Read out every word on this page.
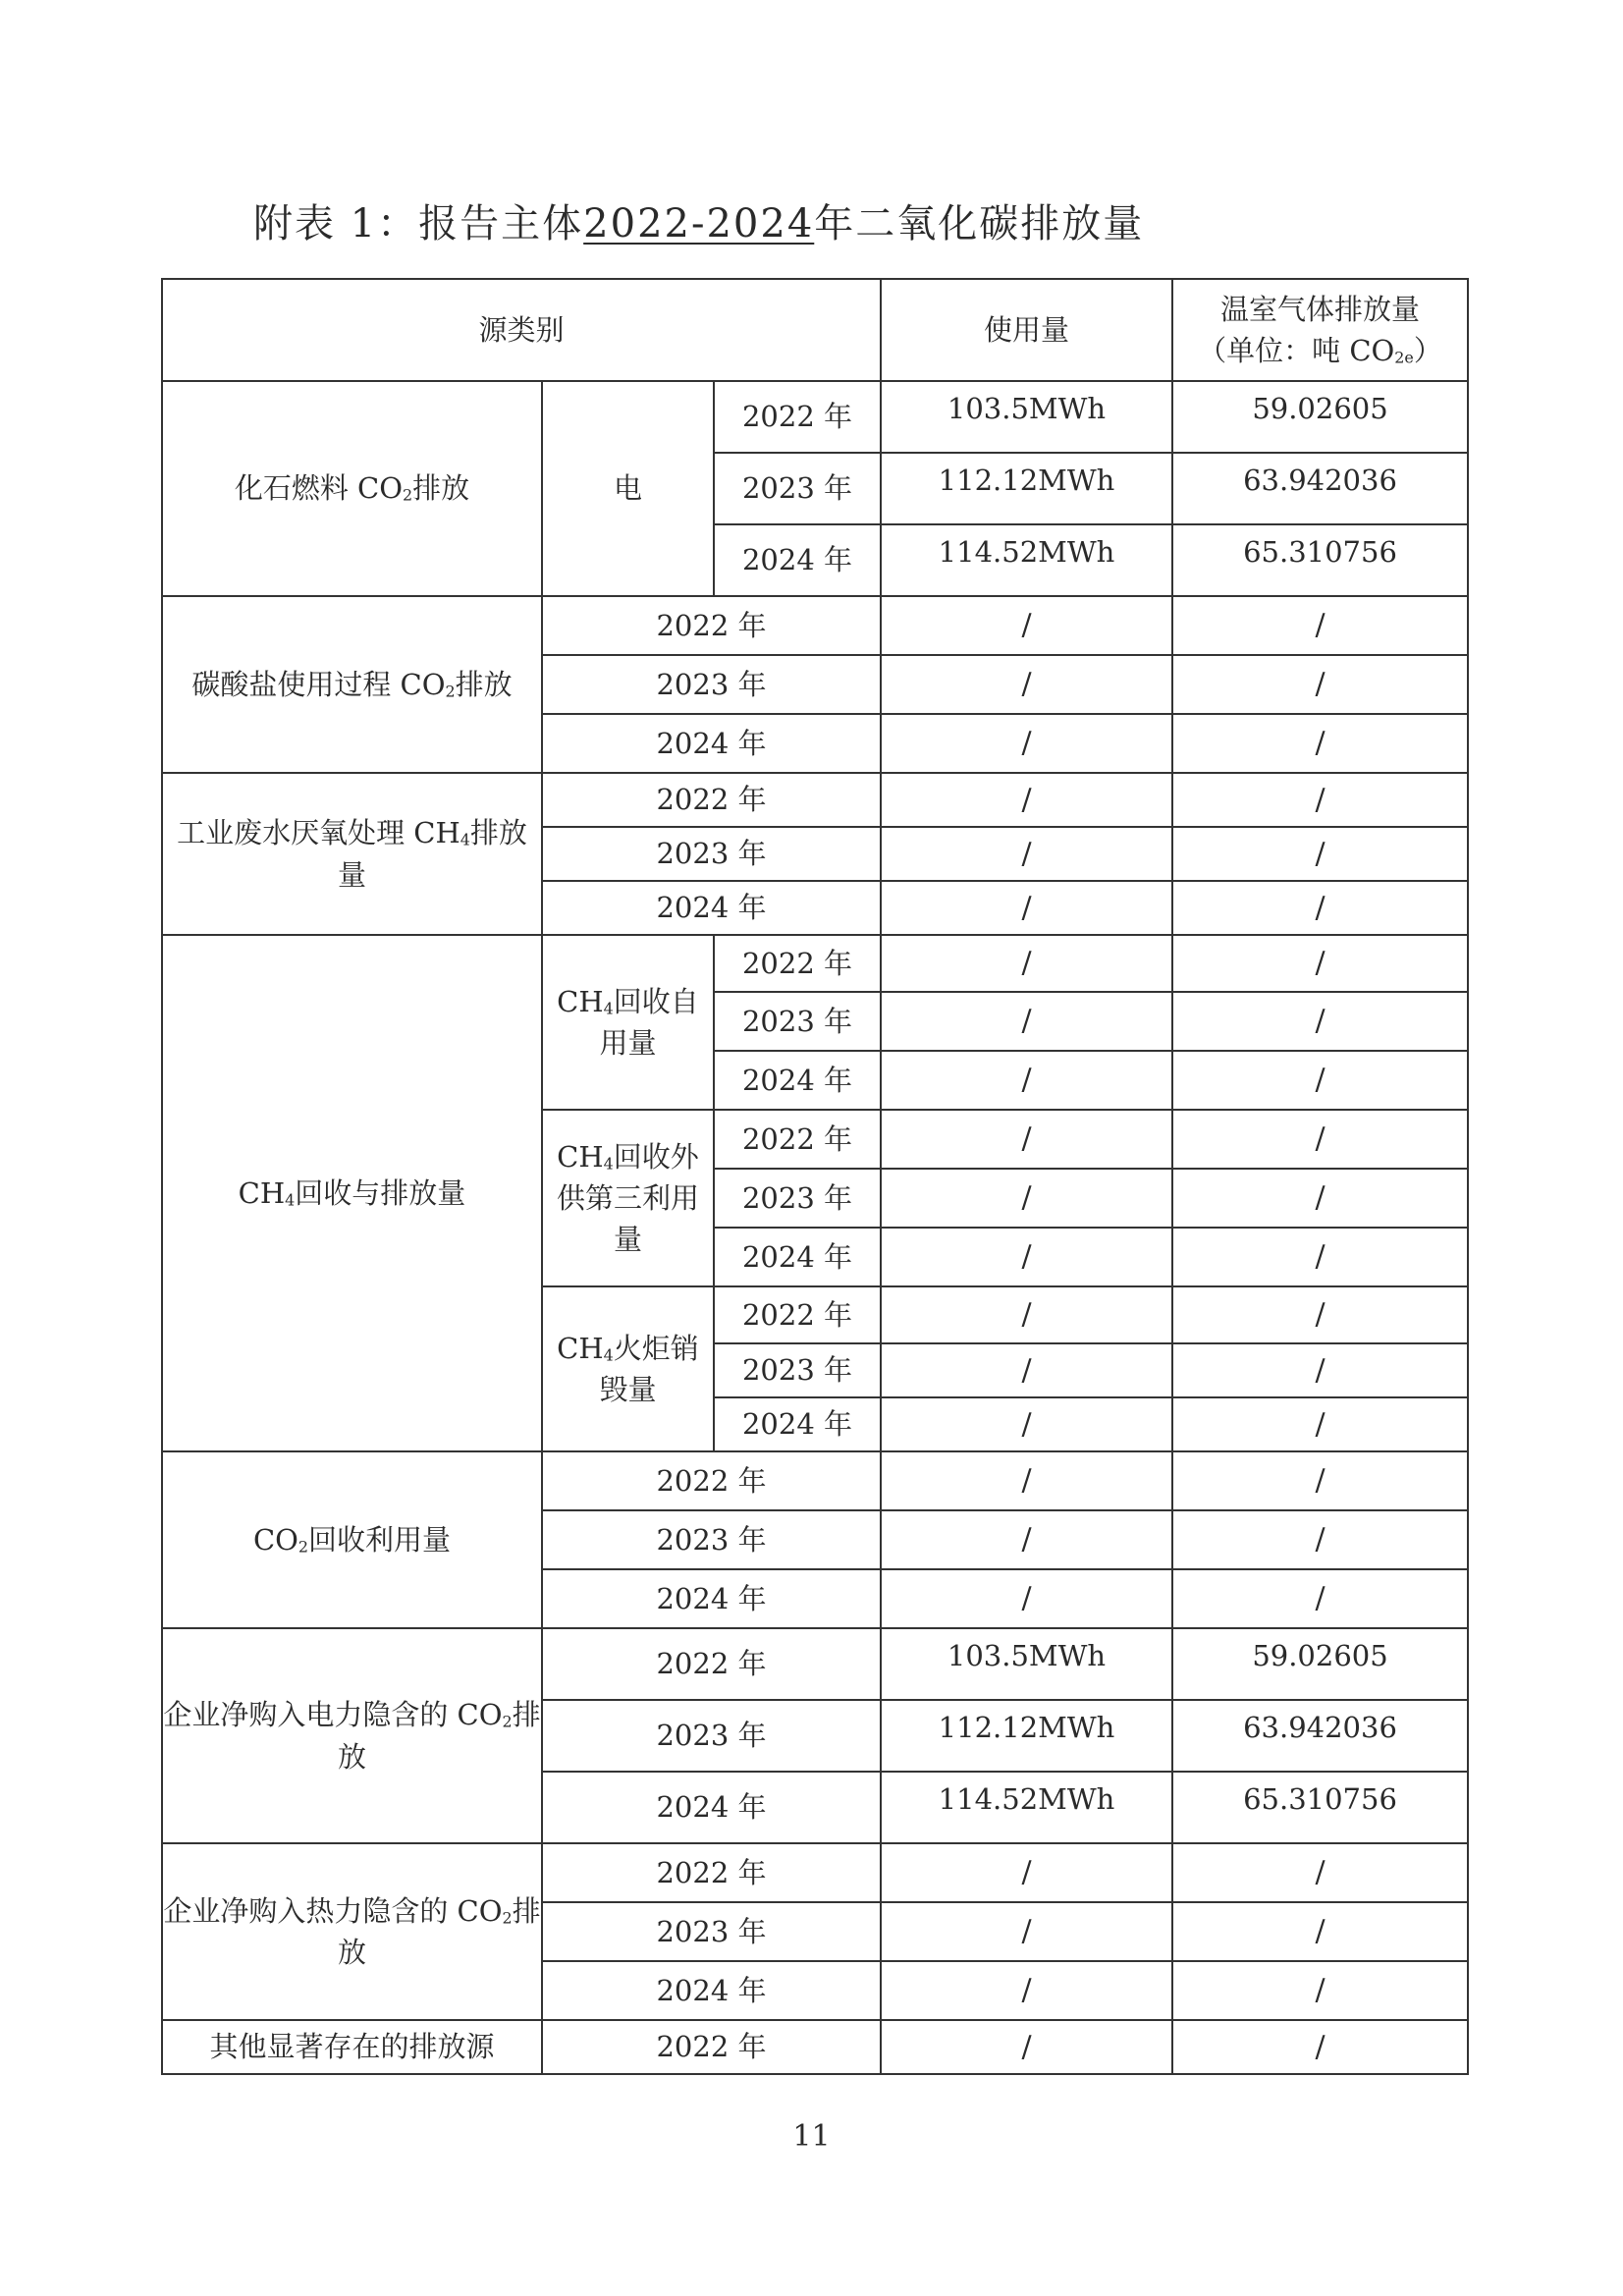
附表 1：报告主体2022-2024年二氧化碳排放量
源类别			使用量	温室气体排放量
（单位：吨 $CO_{2e}$）
化石燃料 $CO_2$排放	电	2022 年	103.5MWh	59.02605
		2023 年	112.12MWh	63.942036
		2024 年	114.52MWh	65.310756
碳酸盐使用过程 $CO_2$排放	2022 年		/	/
	2023 年		/	/
	2024 年		/	/
工业废水厌氧处理 $CH_4$排放量	2022 年		/	/
	2023 年		/	/
	2024 年		/	/
$CH_4$回收与排放量	$CH_4$回收自用量	2022 年	/	/
		2023 年	/	/
		2024 年	/	/
	$CH_4$回收外供第三利用量	2022 年	/	/
		2023 年	/	/
		2024 年	/	/
	$CH_4$火炬销毁量	2022 年	/	/
		2023 年	/	/
		2024 年	/	/
$CO_2$回收利用量	2022 年		/	/
	2023 年		/	/
	2024 年		/	/
企业净购入电力隐含的 $CO_2$排放	2022 年		103.5MWh	59.02605
	2023 年		112.12MWh	63.942036
	2024 年		114.52MWh	65.310756
企业净购入热力隐含的 $CO_2$排放	2022 年		/	/
	2023 年		/	/
	2024 年		/	/
其他显著存在的排放源	2022 年		/	/
11
